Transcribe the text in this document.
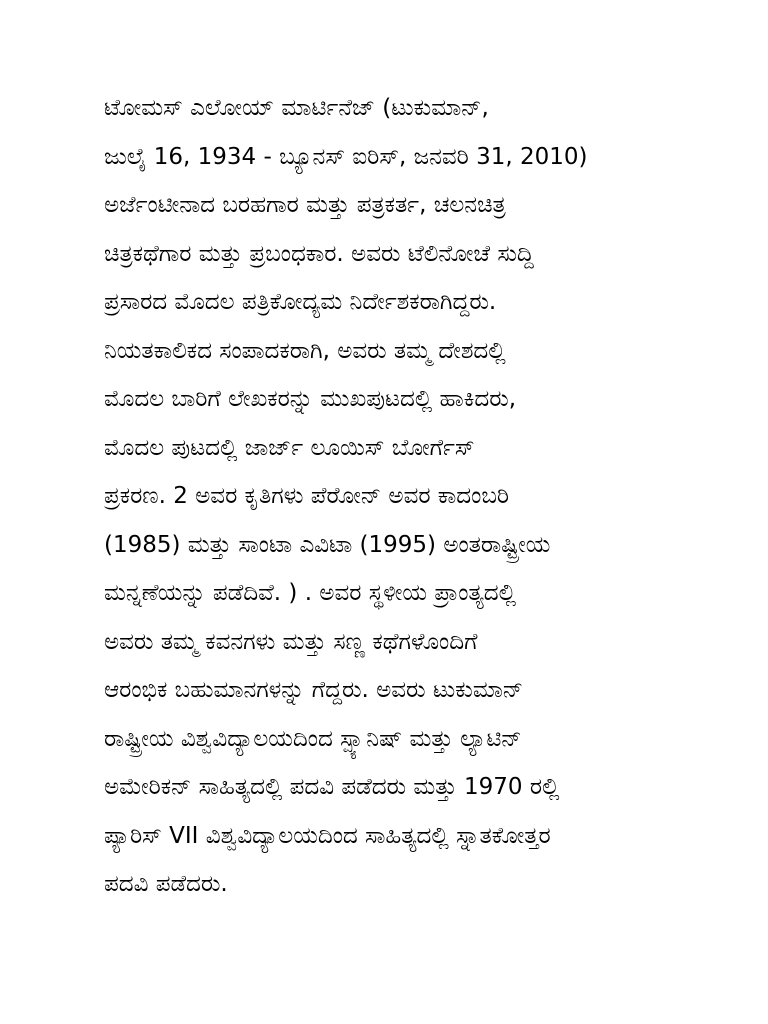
ಟೋಮಸ್ ಎಲೋಯ್ ಮಾರ್ಟಿನೆಜ್ (ಟುಕುಮಾನ್,
ಜುಲೈ 16, 1934 - ಬ್ಯೂನಸ್ ಐರಿಸ್, ಜನವರಿ 31, 2010)
ಅರ್ಜೆಂಟೀನಾದ ಬರಹಗಾರ ಮತ್ತು ಪತ್ರಕರ್ತ, ಚಲನಚಿತ್ರ
ಚಿತ್ರಕಥೆಗಾರ ಮತ್ತು ಪ್ರಬಂಧಕಾರ. ಅವರು ಟೆಲಿನೋಚೆ ಸುದ್ದಿ
ಪ್ರಸಾರದ ಮೊದಲ ಪತ್ರಿಕೋದ್ಯಮ ನಿರ್ದೇಶಕರಾಗಿದ್ದರು.
ನಿಯತಕಾಲಿಕದ ಸಂಪಾದಕರಾಗಿ, ಅವರು ತಮ್ಮ ದೇಶದಲ್ಲಿ
ಮೊದಲ ಬಾರಿಗೆ ಲೇಖಕರನ್ನು ಮುಖಪುಟದಲ್ಲಿ ಹಾಕಿದರು,
ಮೊದಲ ಪುಟದಲ್ಲಿ ಜಾರ್ಜ್ ಲೂಯಿಸ್ ಬೋರ್ಗೆಸ್
ಪ್ರಕರಣ. 2 ಅವರ ಕೃತಿಗಳು ಪೆರೋನ್ ಅವರ ಕಾದಂಬರಿ
(1985) ಮತ್ತು ಸಾಂಟಾ ಎವಿಟಾ (1995) ಅಂತರಾಷ್ಟ್ರೀಯ
ಮನ್ನಣೆಯನ್ನು ಪಡೆದಿವೆ. ) . ಅವರ ಸ್ಥಳೀಯ ಪ್ರಾಂತ್ಯದಲ್ಲಿ
ಅವರು ತಮ್ಮ ಕವನಗಳು ಮತ್ತು ಸಣ್ಣ ಕಥೆಗಳೊಂದಿಗೆ
ಆರಂಭಿಕ ಬಹುಮಾನಗಳನ್ನು ಗೆದ್ದರು. ಅವರು ಟುಕುಮಾನ್
ರಾಷ್ಟ್ರೀಯ ವಿಶ್ವವಿದ್ಯಾಲಯದಿಂದ ಸ್ಪ್ಯಾನಿಷ್ ಮತ್ತು ಲ್ಯಾಟಿನ್
ಅಮೇರಿಕನ್ ಸಾಹಿತ್ಯದಲ್ಲಿ ಪದವಿ ಪಡೆದರು ಮತ್ತು 1970 ರಲ್ಲಿ
ಪ್ಯಾರಿಸ್ VII ವಿಶ್ವವಿದ್ಯಾಲಯದಿಂದ ಸಾಹಿತ್ಯದಲ್ಲಿ ಸ್ನಾತಕೋತ್ತರ
ಪದವಿ ಪಡೆದರು.
